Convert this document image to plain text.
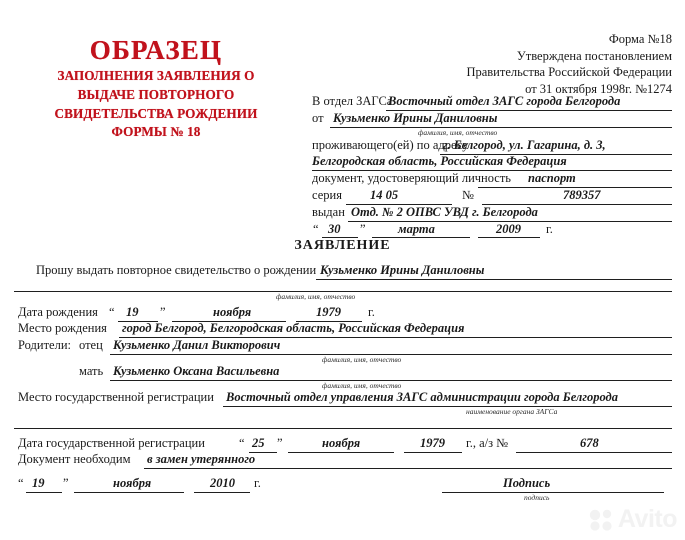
ОБРАЗЕЦ
ЗАПОЛНЕНИЯ ЗАЯВЛЕНИЯ О
ВЫДАЧЕ ПОВТОРНОГО
СВИДЕТЕЛЬСТВА РОЖДЕНИИ
ФОРМЫ № 18
Форма №18
Утверждена постановлением
Правительства Российской Федерации
от 31 октября 1998г. №1274
В отдел ЗАГСа
Восточный отдел ЗАГС города Белгорода
от Кузьменко Ирины Даниловны
фамилия, имя, отчество
проживающего(ей) по адресу
г. Белгород, ул. Гагарина, д. 3,
Белгородская область, Российская Федерация
документ, удостоверяющий личность паспорт
серия 14 05	№	789357
выдан Отд. № 2 ОПВС УВД г. Белгорода
“ 30 ”	марта	2009 г.
ЗАЯВЛЕНИЕ
Прошу выдать повторное свидетельство о рождении Кузьменко Ирины Даниловны
фамилия, имя, отчество
Дата рождения “ 19 ”	ноября	1979 г.
Место рождения город Белгород, Белгородская область, Российская Федерация
Родители: отец Кузьменко Данил Викторович
фамилия, имя, отчество
мать Кузьменко Оксана Васильевна
фамилия, имя, отчество
Место государственной регистрации Восточный отдел управления ЗАГС администрации города Белгорода
наименование органа ЗАГСа
Дата государственной регистрации	“ 25 ”	ноября	1979 г., а/з №	678
Документ необходим в замен утерянного
“ 19 ”	ноября	2010 г.	Подпись
подпись
Avito
